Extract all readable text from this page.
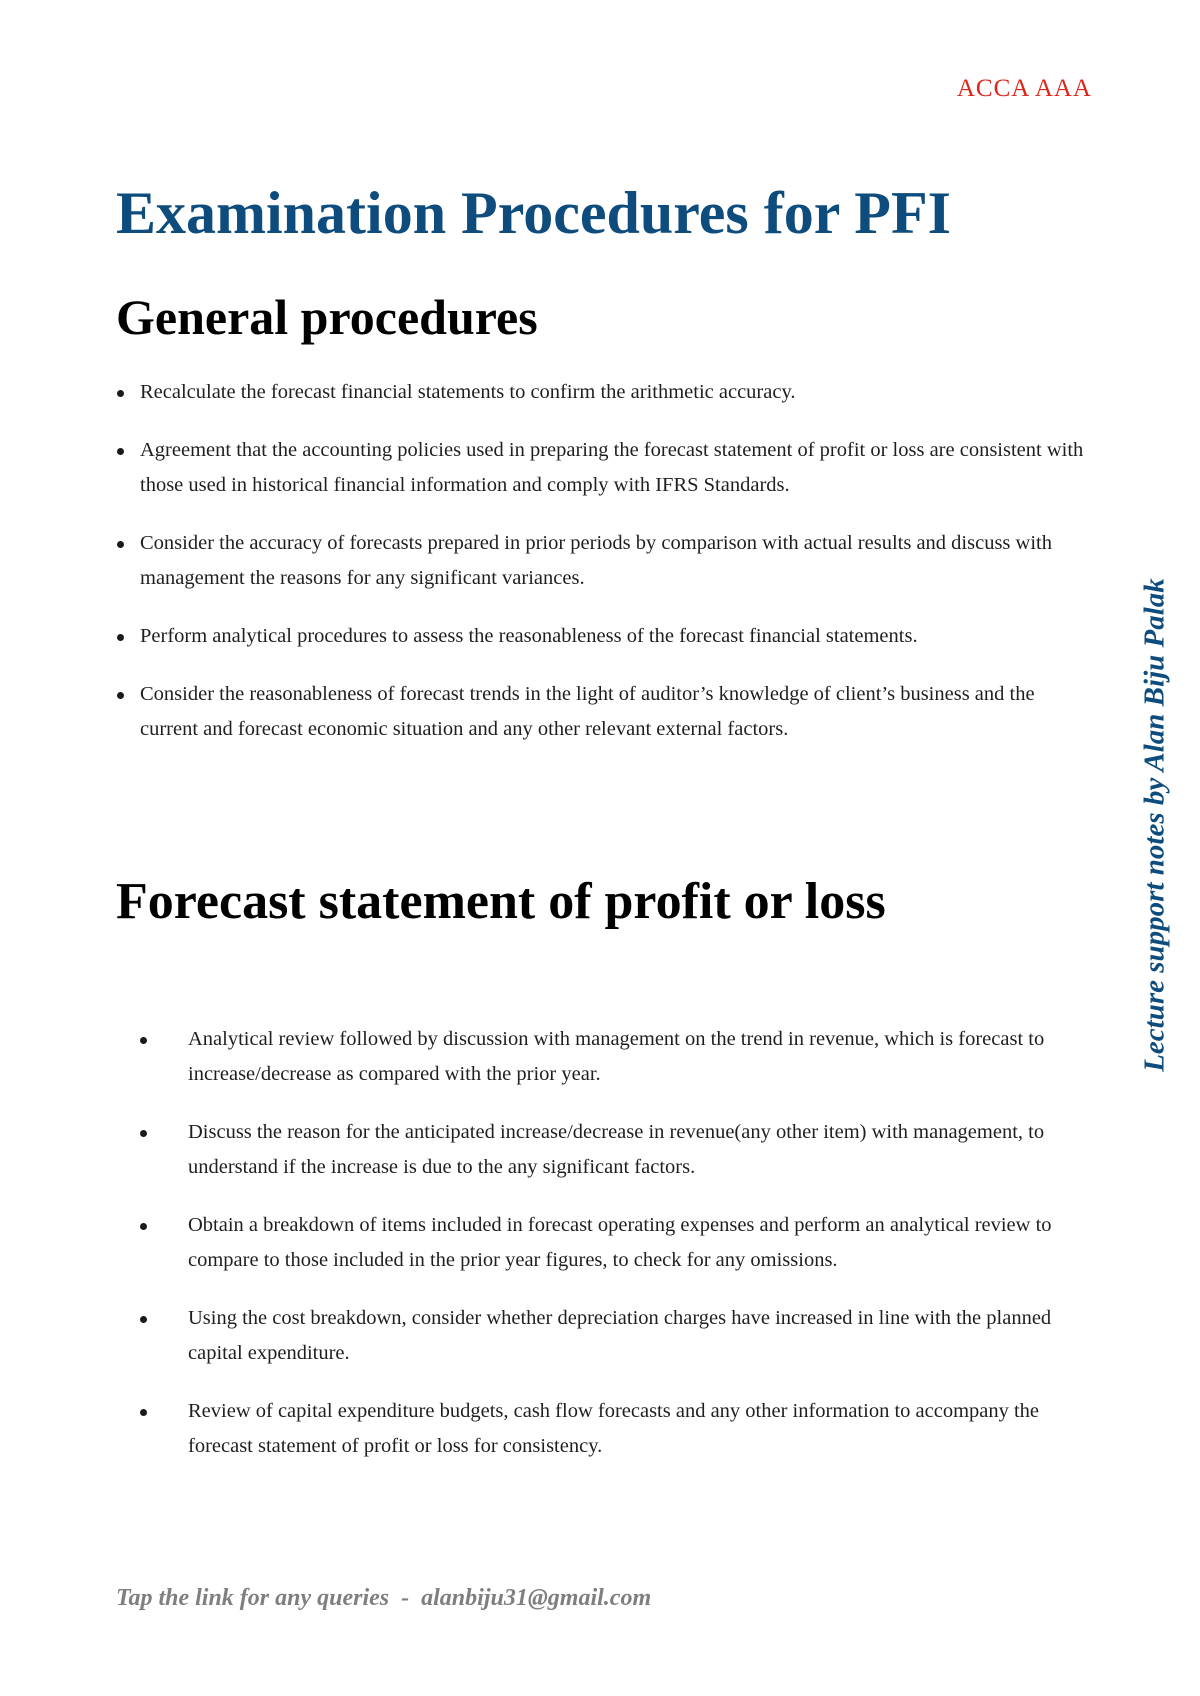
ACCA AAA
Examination Procedures for PFI
General procedures
Recalculate the forecast financial statements to confirm the arithmetic accuracy.
Agreement that the accounting policies used in preparing the forecast statement of profit or loss are consistent with those used in historical financial information and comply with IFRS Standards.
Consider the accuracy of forecasts prepared in prior periods by comparison with actual results and discuss with management the reasons for any significant variances.
Perform analytical procedures to assess the reasonableness of the forecast financial statements.
Consider the reasonableness of forecast trends in the light of auditor’s knowledge of client’s business and the current and forecast economic situation and any other relevant external factors.
Forecast statement of profit or loss
Analytical review followed by discussion with management on the trend in revenue, which is forecast to increase/decrease as compared with the prior year.
Discuss the reason for the anticipated increase/decrease in revenue(any other item) with management, to understand if the increase is due to the any significant factors.
Obtain a breakdown of items included in forecast operating expenses and perform an analytical review to compare to those included in the prior year figures, to check for any omissions.
Using the cost breakdown, consider whether depreciation charges have increased in line with the planned capital expenditure.
Review of capital expenditure budgets, cash flow forecasts and any other information to accompany the forecast statement of profit or loss for consistency.
Lecture support notes by Alan Biju Palak
Tap the link for any queries  -  alanbiju31@gmail.com
